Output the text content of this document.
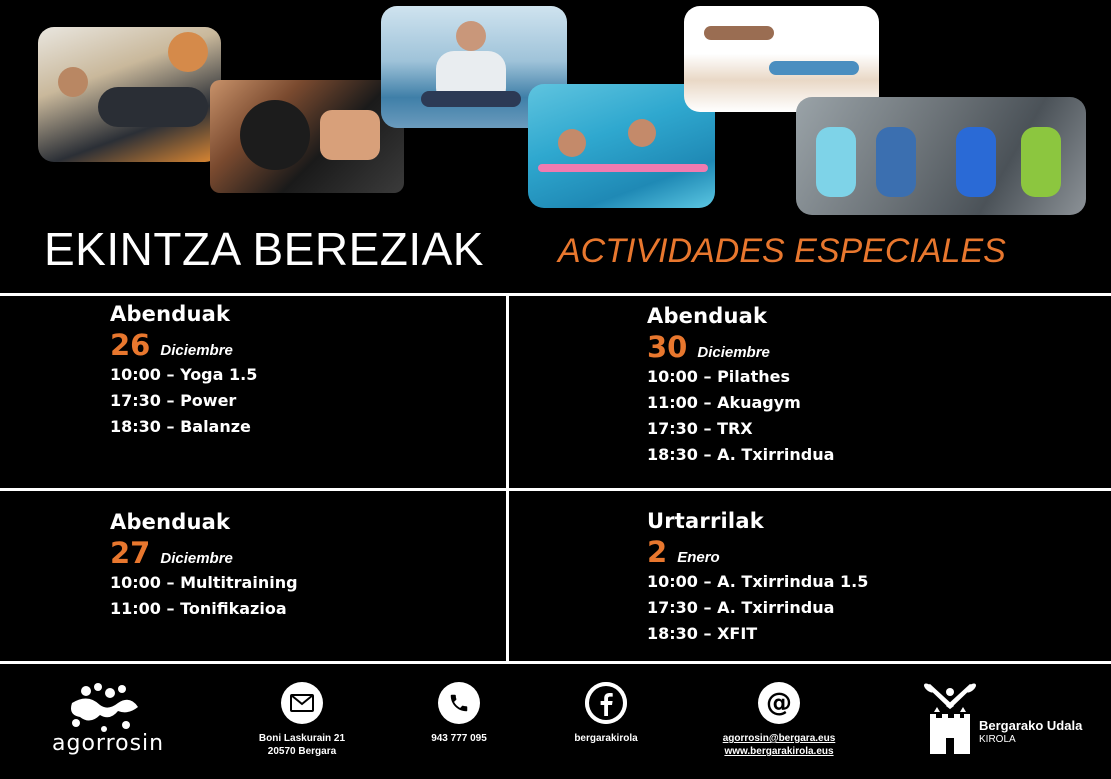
EKINTZA BEREZIAK ACTIVIDADES ESPECIALES
Abenduak
26 Diciembre
10:00 – Yoga 1.5
17:30 – Power
18:30 – Balanze
Abenduak
30 Diciembre
10:00 – Pilathes
11:00 – Akuagym
17:30 – TRX
18:30 – A. Txirrindua
Abenduak
27 Diciembre
10:00 – Multitraining
11:00 – Tonifikazioa
Urtarrilak
2 Enero
10:00 – A. Txirrindua 1.5
17:30 – A. Txirrindua
18:30 – XFIT
agorrosin	Boni Laskurain 21
20570 Bergara
943 777 095	bergarakirola
@
agorrosin@bergara.eus
www.bergarakirola.eus
Bergarako Udala
KIROLA
